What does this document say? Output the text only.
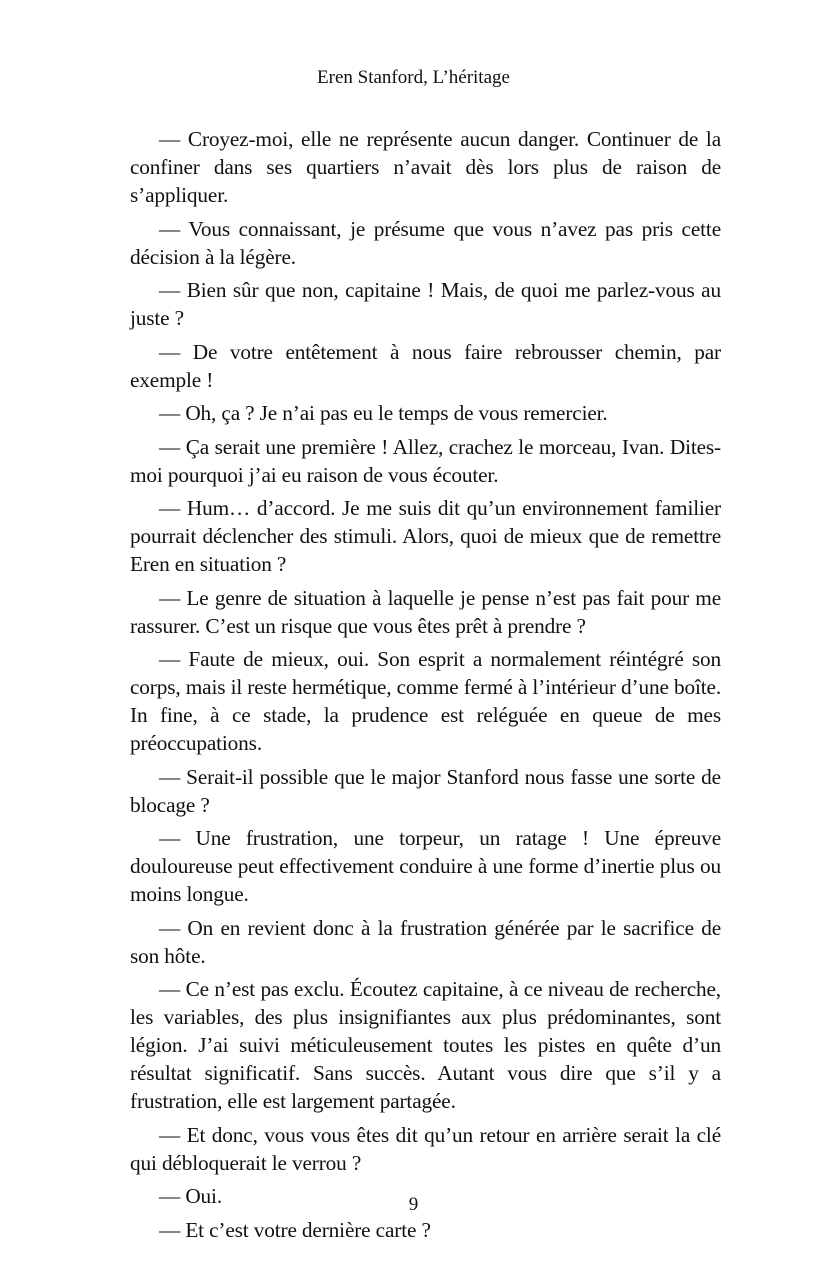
Eren Stanford, L’héritage

— Croyez-moi, elle ne représente aucun danger. Continuer de la confiner dans ses quartiers n’avait dès lors plus de raison de s’appliquer.

— Vous connaissant, je présume que vous n’avez pas pris cette décision à la légère.

— Bien sûr que non, capitaine ! Mais, de quoi me parlez-vous au juste ?

— De votre entêtement à nous faire rebrousser chemin, par exemple !

— Oh, ça ? Je n’ai pas eu le temps de vous remercier.

— Ça serait une première ! Allez, crachez le morceau, Ivan. Dites-moi pourquoi j’ai eu raison de vous écouter.

— Hum… d’accord. Je me suis dit qu’un environnement familier pourrait déclencher des stimuli. Alors, quoi de mieux que de remettre Eren en situation ?

— Le genre de situation à laquelle je pense n’est pas fait pour me rassurer. C’est un risque que vous êtes prêt à prendre ?

— Faute de mieux, oui. Son esprit a normalement réintégré son corps, mais il reste hermétique, comme fermé à l’intérieur d’une boîte. In fine, à ce stade, la prudence est reléguée en queue de mes préoccupations.

— Serait-il possible que le major Stanford nous fasse une sorte de blocage ?

— Une frustration, une torpeur, un ratage ! Une épreuve douloureuse peut effectivement conduire à une forme d’inertie plus ou moins longue.

— On en revient donc à la frustration générée par le sacrifice de son hôte.

— Ce n’est pas exclu. Écoutez capitaine, à ce niveau de recherche, les variables, des plus insignifiantes aux plus prédominantes, sont légion. J’ai suivi méticuleusement toutes les pistes en quête d’un résultat significatif. Sans succès. Autant vous dire que s’il y a frustration, elle est largement partagée.

— Et donc, vous vous êtes dit qu’un retour en arrière serait la clé qui débloquerait le verrou ?

— Oui.

— Et c’est votre dernière carte ?

9
